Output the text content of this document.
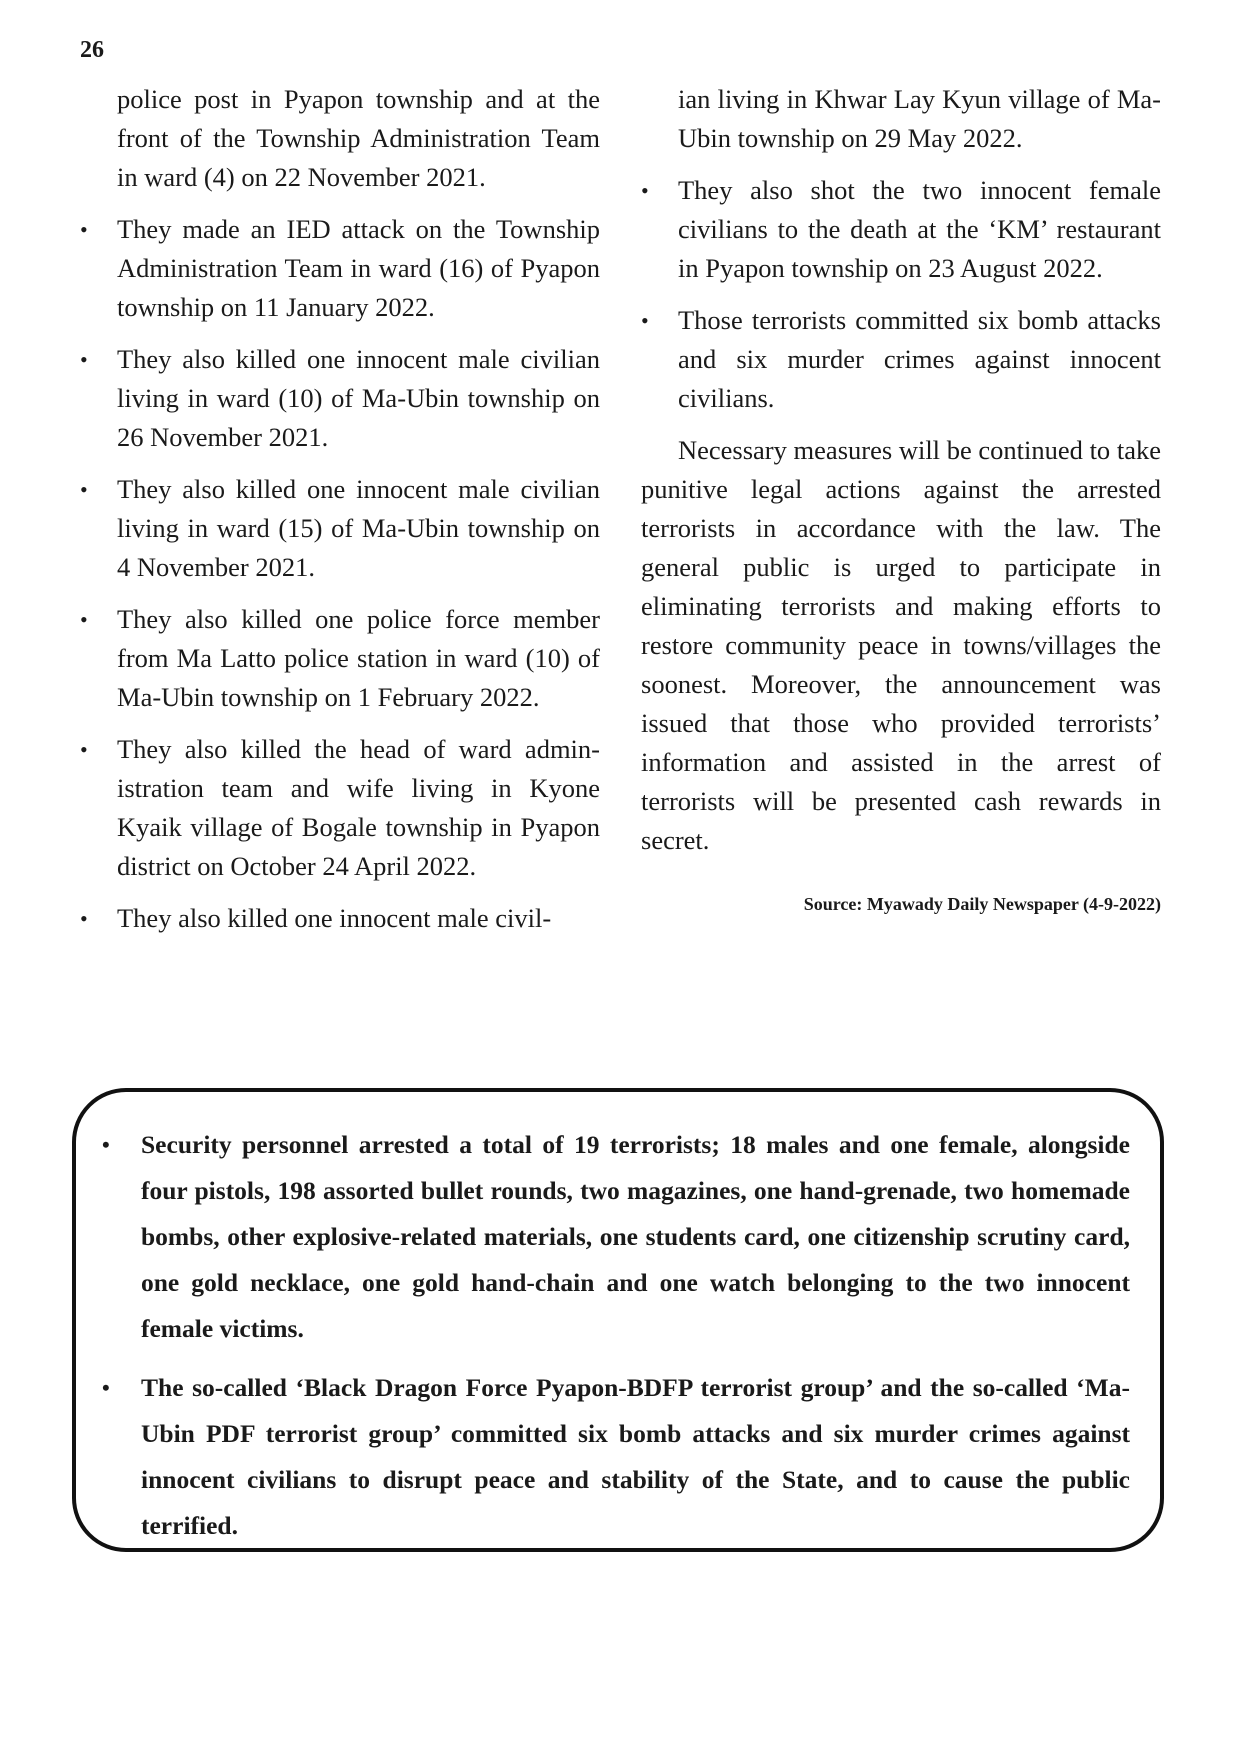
26

police post in Pyapon township and at the front of the Township Administration Team in ward (4) on 22 November 2021.

•	They made an IED attack on the Township Administration Team in ward (16) of Pyapon township on 11 January 2022.
•	They also killed one innocent male civilian living in ward (10) of Ma-Ubin township on 26 November 2021.
•	They also killed one innocent male civilian living in ward (15) of Ma-Ubin township on 4 November 2021.
•	They also killed one police force member from Ma Latto police station in ward (10) of Ma-Ubin township on 1 February 2022.
•	They also killed the head of ward administration team and wife living in Kyone Kyaik village of Bogale township in Pyapon district on October 24 April 2022.
•	They also killed one innocent male civil-

ian living in Khwar Lay Kyun village of Ma-Ubin township on 29 May 2022.

•	They also shot the two innocent female civilians to the death at the ‘KM’ restaurant in Pyapon township on 23 August 2022.
•	Those terrorists committed six bomb attacks and six murder crimes against innocent civilians.

Necessary measures will be continued to take punitive legal actions against the arrested terrorists in accordance with the law. The general public is urged to participate in eliminating terrorists and making efforts to restore community peace in towns/villages the soonest. Moreover, the announcement was issued that those who provided terrorists’ information and assisted in the arrest of terrorists will be presented cash rewards in secret.

Source: Myawady Daily Newspaper (4-9-2022)
• Security personnel arrested a total of 19 terrorists; 18 males and one female, alongside four pistols, 198 assorted bullet rounds, two magazines, one hand-grenade, two homemade bombs, other explosive-related materials, one students card, one citizenship scrutiny card, one gold necklace, one gold hand-chain and one watch belonging to the two innocent female victims.
• The so-called ‘Black Dragon Force Pyapon-BDFP terrorist group’ and the so-called ‘Ma-Ubin PDF terrorist group’ committed six bomb attacks and six murder crimes against innocent civilians to disrupt peace and stability of the State, and to cause the public terrified.
